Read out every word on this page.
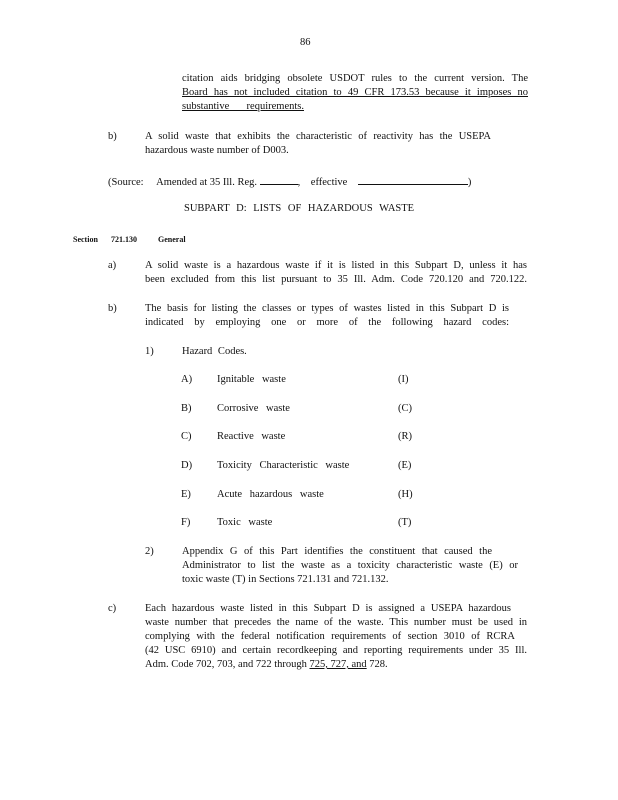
86
citation aids bridging obsolete USDOT rules to the current version. The
Board has not included citation to 49 CFR 173.53 because it imposes no
substantive requirements.
b)	A solid waste that exhibits the characteristic of reactivity has the USEPA
hazardous waste number of D003.
(Source: Amended at 35 Ill. Reg.	, effective	)
SUBPART D: LISTS OF HAZARDOUS WASTE
Section 721.130	General
a)	A solid waste is a hazardous waste if it is listed in this Subpart D, unless it has
been excluded from this list pursuant to 35 Ill. Adm. Code 720.120 and 720.122.
b)	The basis for listing the classes or types of wastes listed in this Subpart D is
indicated by employing one or more of the following hazard codes:
1)	Hazard Codes.
A) Ignitable waste	(I)
B) Corrosive waste	(C)
C) Reactive waste	(R)
D) Toxicity Characteristic waste	(E)
E) Acute hazardous waste	(H)
F)	Toxic waste	(T)
2)	Appendix G of this Part identifies the constituent that caused the
Administrator to list the waste as a toxicity characteristic waste (E) or
toxic waste (T) in Sections 721.131 and 721.132.
c)	Each hazardous waste listed in this Subpart D is assigned a USEPA hazardous
waste number that precedes the name of the waste. This number must be used in
complying with the federal notification requirements of section 3010 of RCRA
(42 USC 6910) and certain recordkeeping and reporting requirements under 35 Ill.
Adm. Code 702, 703, and 722 through 725, 727, and 728.
